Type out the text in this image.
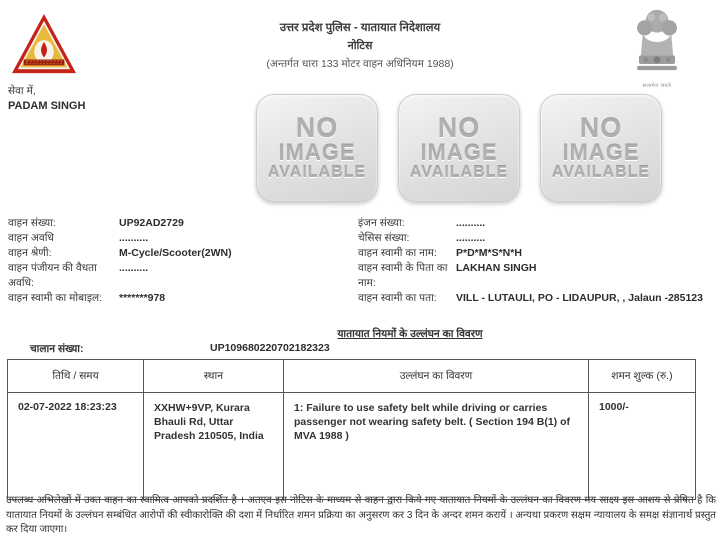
उत्तर प्रदेश पुलिस - यातायात निदेशालय
नोटिस
(अन्तर्गत धारा 133 मोटर वाहन अधिनियम 1988)
सत्यमेव जयते
सेवा में,
PADAM SINGH
NO
IMAGE
AVAILABLE
NO
IMAGE
AVAILABLE
NO
IMAGE
AVAILABLE
वाहन संख्या:	UP92AD2729
वाहन अवधि	..........
वाहन श्रेणी:	M-Cycle/Scooter(2WN)
वाहन पंजीयन की वैधता अवधि:
..........
वाहन स्वामी का मोबाइल:	*******978
इंजन संख्या:	..........
चेसिस संख्या:	..........
वाहन स्वामी का नाम:	P*D*M*S*N*H
वाहन स्वामी के पिता का नाम:
LAKHAN SINGH
वाहन स्वामी का पता:	VILL - LUTAULI, PO - LIDAUPUR, , Jalaun -285123
यातायात नियमों के उल्लंघन का विवरण
चालान संख्या:	UP109680220702182323
तिथि / समय	स्थान	उल्लंघन का विवरण	शमन शुल्क (रु.)
02-07-2022 18:23:23	XXHW+9VP, Kurara Bhauli Rd, Uttar Pradesh 210505, India	1: Failure to use safety belt while driving or carries passenger not wearing safety belt. ( Section 194 B(1) of MVA 1988 )	1000/-
उपलब्ध अभिलेखों में उक्त वाहन का स्वामित्व आपको प्रदर्शित है । अतएव इस नोटिस के माध्यम से वाहन द्वारा किये गए यातायात नियमों के उल्लंघन का विवरण मय साक्ष्य इस आशय से प्रेषित है कि यातायात नियमों के उल्लंघन सम्बंधित आरोपों की स्वीकारोक्ति की दशा में निर्धारित शमन प्रक्रिया का अनुसरण कर 3 दिन के अन्दर शमन करायें । अन्यथा प्रकरण सक्षम न्यायालय के समक्ष संज्ञानार्थ प्रस्तुत कर दिया जाएगा।
